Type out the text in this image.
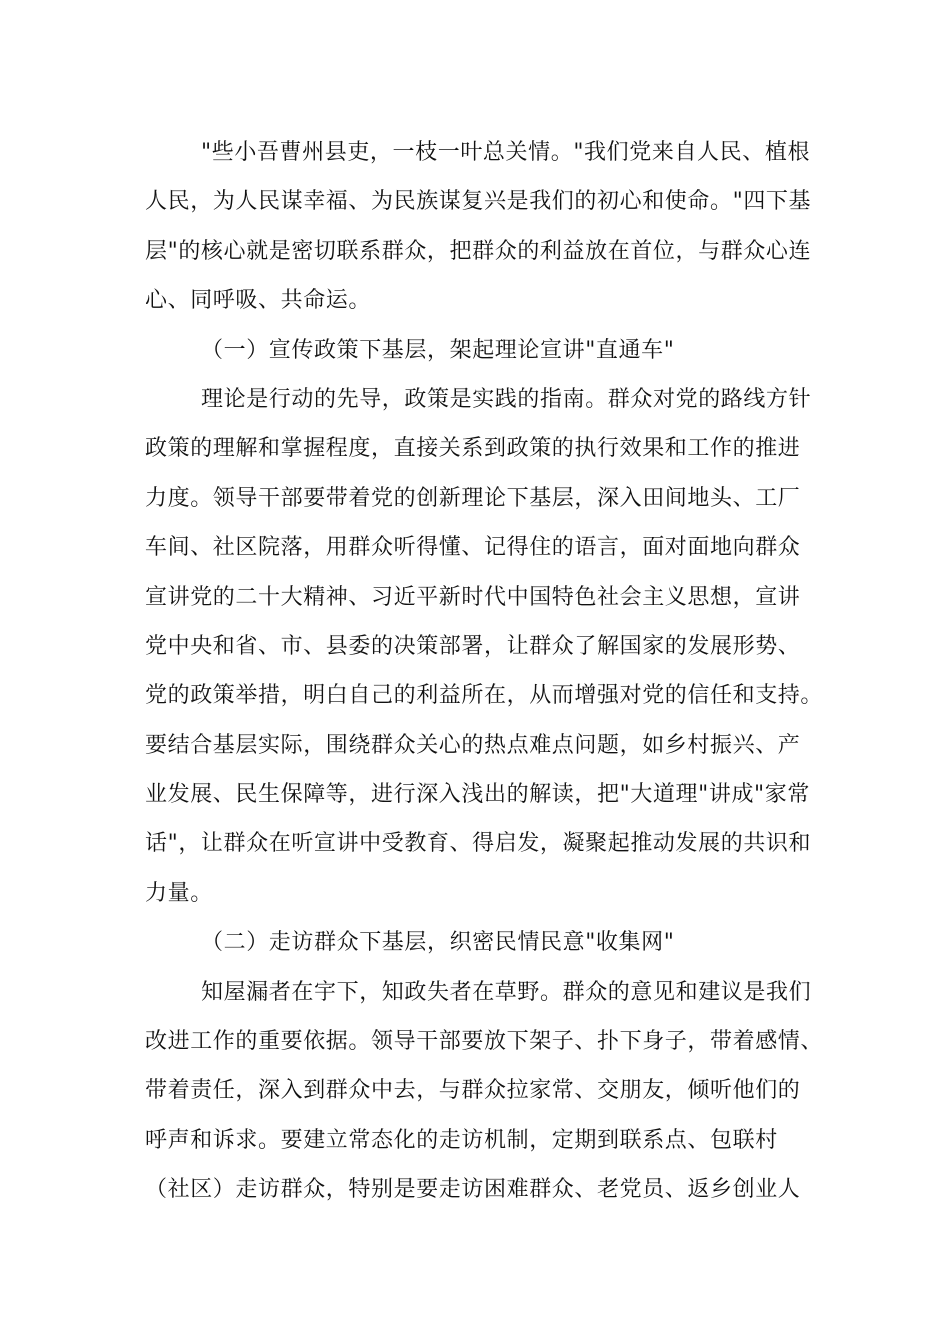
"些小吾曹州县吏，一枝一叶总关情。"我们党来自人民、植根
人民，为人民谋幸福、为民族谋复兴是我们的初心和使命。"四下基
层"的核心就是密切联系群众，把群众的利益放在首位，与群众心连
心、同呼吸、共命运。
（一）宣传政策下基层，架起理论宣讲"直通车"
理论是行动的先导，政策是实践的指南。群众对党的路线方针
政策的理解和掌握程度，直接关系到政策的执行效果和工作的推进
力度。领导干部要带着党的创新理论下基层，深入田间地头、工厂
车间、社区院落，用群众听得懂、记得住的语言，面对面地向群众
宣讲党的二十大精神、习近平新时代中国特色社会主义思想，宣讲
党中央和省、市、县委的决策部署，让群众了解国家的发展形势、
党的政策举措，明白自己的利益所在，从而增强对党的信任和支持。
要结合基层实际，围绕群众关心的热点难点问题，如乡村振兴、产
业发展、民生保障等，进行深入浅出的解读，把"大道理"讲成"家常
话"，让群众在听宣讲中受教育、得启发，凝聚起推动发展的共识和
力量。
（二）走访群众下基层，织密民情民意"收集网"
知屋漏者在宇下，知政失者在草野。群众的意见和建议是我们
改进工作的重要依据。领导干部要放下架子、扑下身子，带着感情、
带着责任，深入到群众中去，与群众拉家常、交朋友，倾听他们的
呼声和诉求。要建立常态化的走访机制，定期到联系点、包联村
（社区）走访群众，特别是要走访困难群众、老党员、返乡创业人
